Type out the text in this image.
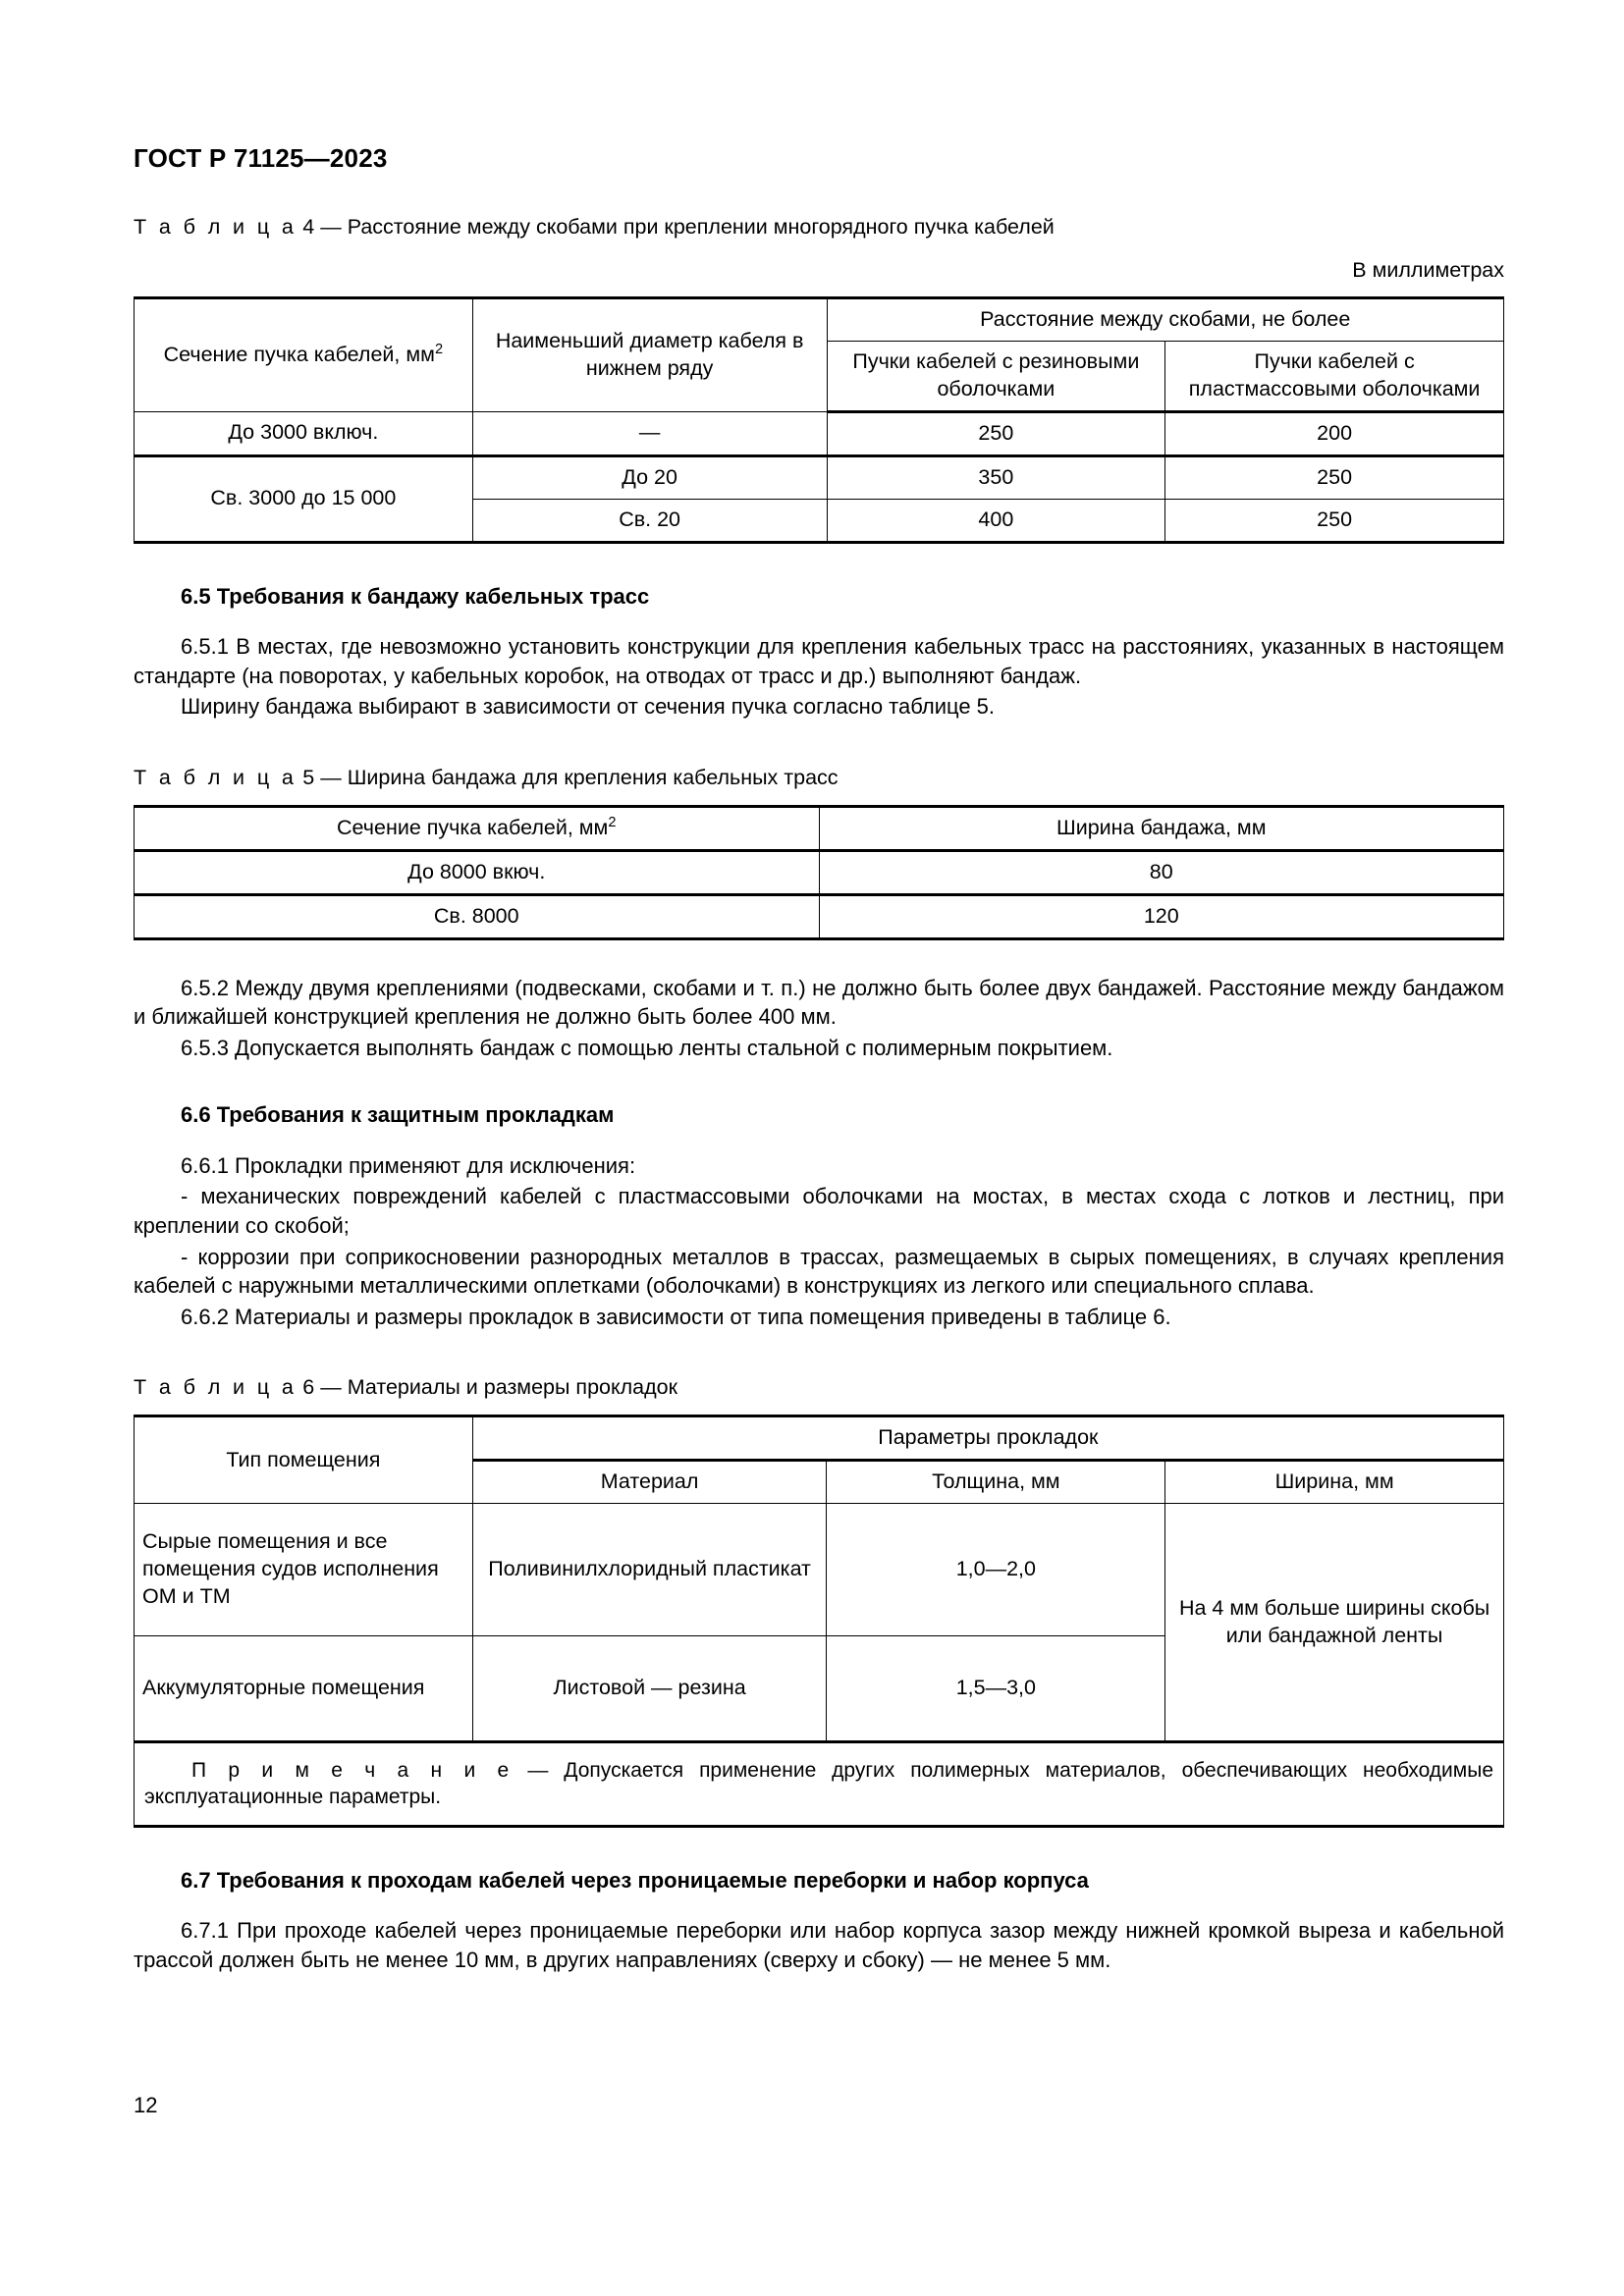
ГОСТ Р 71125—2023
Т а б л и ц а 4 — Расстояние между скобами при креплении многорядного пучка кабелей
В миллиметрах
Сечение пучка кабелей, $мм^2$	Наименьший диаметр кабеля в нижнем ряду	Расстояние между скобами, не более	
		Пучки кабелей с резиновыми оболочками	Пучки кабелей с пластмассовыми оболочками
До 3000 включ.	—	250	200
Св. 3000 до 15 000	До 20	350	250
	Св. 20	400	250
6.5 Требования к бандажу кабельных трасс

6.5.1 В местах, где невозможно установить конструкции для крепления кабельных трасс на расстояниях, указанных в настоящем стандарте (на поворотах, у кабельных коробок, на отводах от трасс и др.) выполняют бандаж.

Ширину бандажа выбирают в зависимости от сечения пучка согласно таблице 5.

Т а б л и ц а 5 — Ширина бандажа для крепления кабельных трасс
Сечение пучка кабелей, $мм^2$	Ширина бандажа, мм
До 8000 вкюч.	80
Св. 8000	120

6.5.2 Между двумя креплениями (подвесками, скобами и т. п.) не должно быть более двух бандажей. Расстояние между бандажом и ближайшей конструкцией крепления не должно быть более 400 мм.

6.5.3 Допускается выполнять бандаж с помощью ленты стальной с полимерным покрытием.

6.6 Требования к защитным прокладкам

6.6.1 Прокладки применяют для исключения:

- механических повреждений кабелей с пластмассовыми оболочками на мостах, в местах схода с лотков и лестниц, при креплении со скобой;

- коррозии при соприкосновении разнородных металлов в трассах, размещаемых в сырых помещениях, в случаях крепления кабелей с наружными металлическими оплетками (оболочками) в конструкциях из легкого или специального сплава.

6.6.2 Материалы и размеры прокладок в зависимости от типа помещения приведены в таблице 6.

Т а б л и ц а 6 — Материалы и размеры прокладок
Тип помещения	Параметры прокладок		
	Материал	Толщина, мм	Ширина, мм
Сырые помещения и все помещения судов исполнения ОМ и ТМ	Поливинилхлоридный пластикат	1,0—2,0	На 4 мм больше ширины скобы или бандажной ленты
Аккумуляторные помещения	Листовой — резина	1,5—3,0	
П р и м е ч а н и е — Допускается применение других полимерных материалов, обеспечивающих необходимые эксплуатационные параметры.			
6.7 Требования к проходам кабелей через проницаемые переборки и набор корпуса

6.7.1 При проходе кабелей через проницаемые переборки или набор корпуса зазор между нижней кромкой выреза и кабельной трассой должен быть не менее 10 мм, в других направлениях (сверху и сбоку) — не менее 5 мм.

12
